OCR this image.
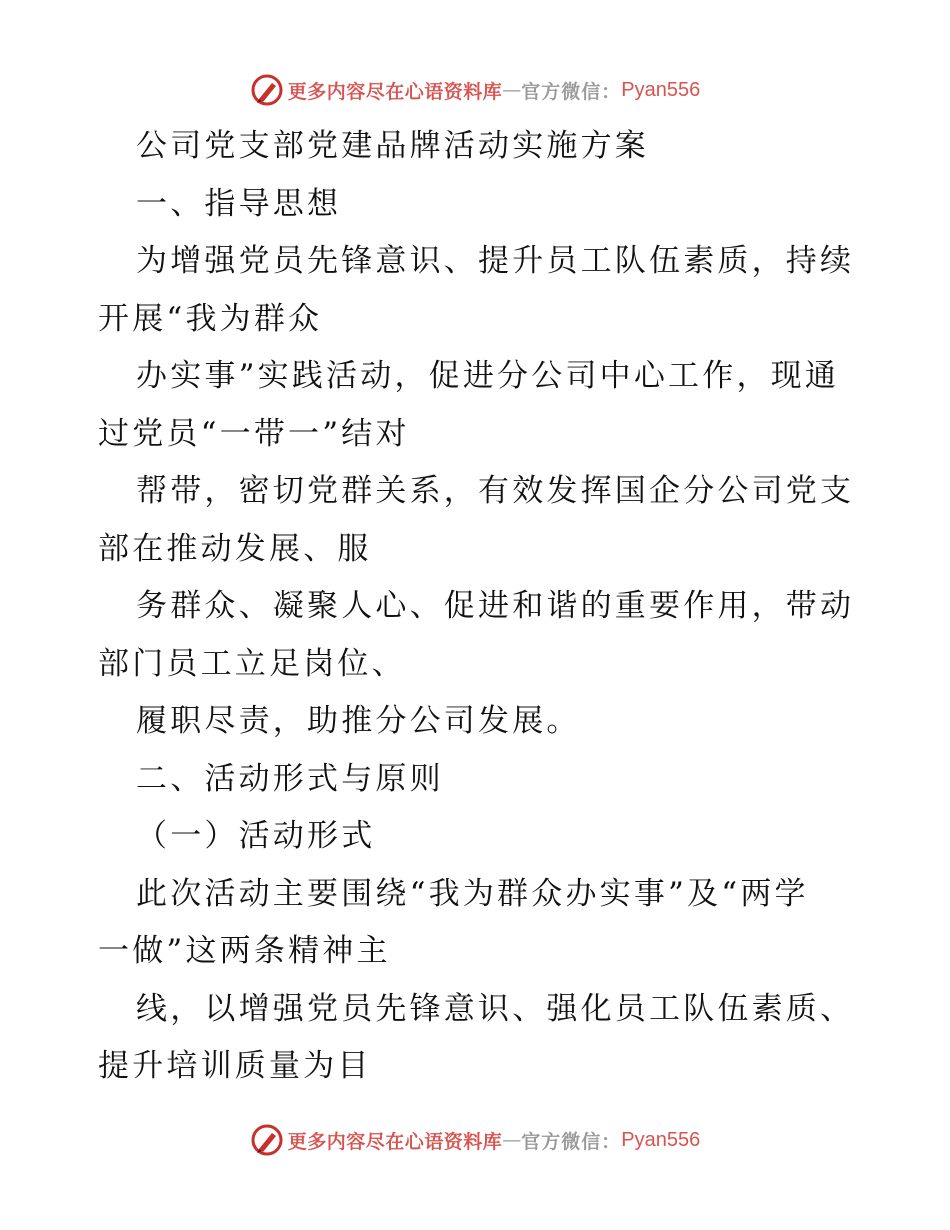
更多内容尽在心语资料库 — 官方微信： Pyan556
公司党支部党建品牌活动实施方案
一、指导思想
为增强党员先锋意识、提升员工队伍素质，持续
开展“我为群众
办实事”实践活动，促进分公司中心工作，现通
过党员“一带一”结对
帮带，密切党群关系，有效发挥国企分公司党支
部在推动发展、服
务群众、凝聚人心、促进和谐的重要作用，带动
部门员工立足岗位、
履职尽责，助推分公司发展。
二、活动形式与原则
（一）活动形式
此次活动主要围绕“我为群众办实事”及“两学
一做”这两条精神主
线，以增强党员先锋意识、强化员工队伍素质、
提升培训质量为目
更多内容尽在心语资料库 — 官方微信： Pyan556
